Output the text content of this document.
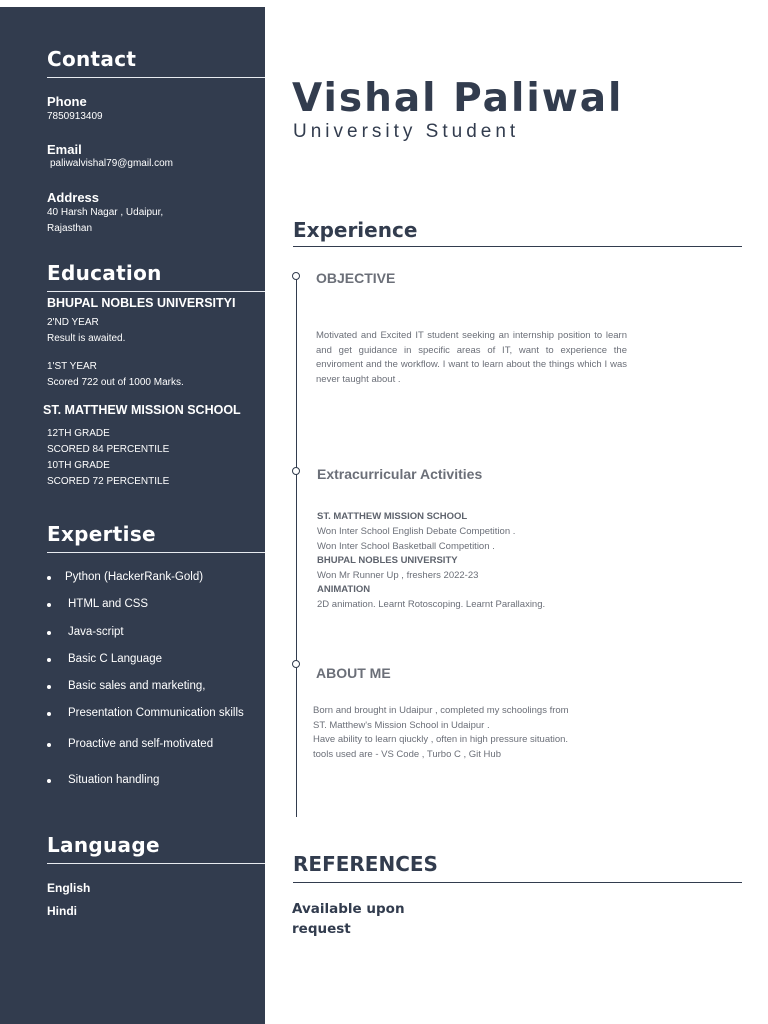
Contact
Phone
7850913409
Email
paliwalvishal79@gmail.com
Address
40 Harsh Nagar , Udaipur,
Rajasthan
Education
BHUPAL NOBLES UNIVERSITYI
2'ND YEAR
Result is awaited.
1'ST YEAR
Scored 722 out of 1000 Marks.
ST. MATTHEW MISSION SCHOOL
12TH GRADE
SCORED 84 PERCENTILE
10TH GRADE
SCORED 72 PERCENTILE
Expertise
Python (HackerRank-Gold)
HTML and CSS
Java-script
Basic C Language
Basic sales and marketing,
Presentation Communication skills
Proactive and self-motivated
Situation handling
Language
English
Hindi
Vishal Paliwal
University Student
Experience
OBJECTIVE
Motivated and Excited IT student seeking an internship position to learn and get guidance in specific areas of IT, want to experience the enviroment and the workflow. I want to learn about the things which I was never taught about .
Extracurricular Activities
ST. MATTHEW MISSION SCHOOL
Won Inter School English Debate Competition .
Won Inter School Basketball Competition .
BHUPAL NOBLES UNIVERSITY
Won Mr Runner Up , freshers 2022-23
ANIMATION
2D animation. Learnt Rotoscoping. Learnt Parallaxing.
ABOUT ME
Born and brought in Udaipur , completed my schoolings from
ST. Matthew's Mission School in Udaipur .
Have ability to learn qiuckly , often in high pressure situation.
tools used are - VS Code , Turbo C , Git Hub
REFERENCES
Available upon request
